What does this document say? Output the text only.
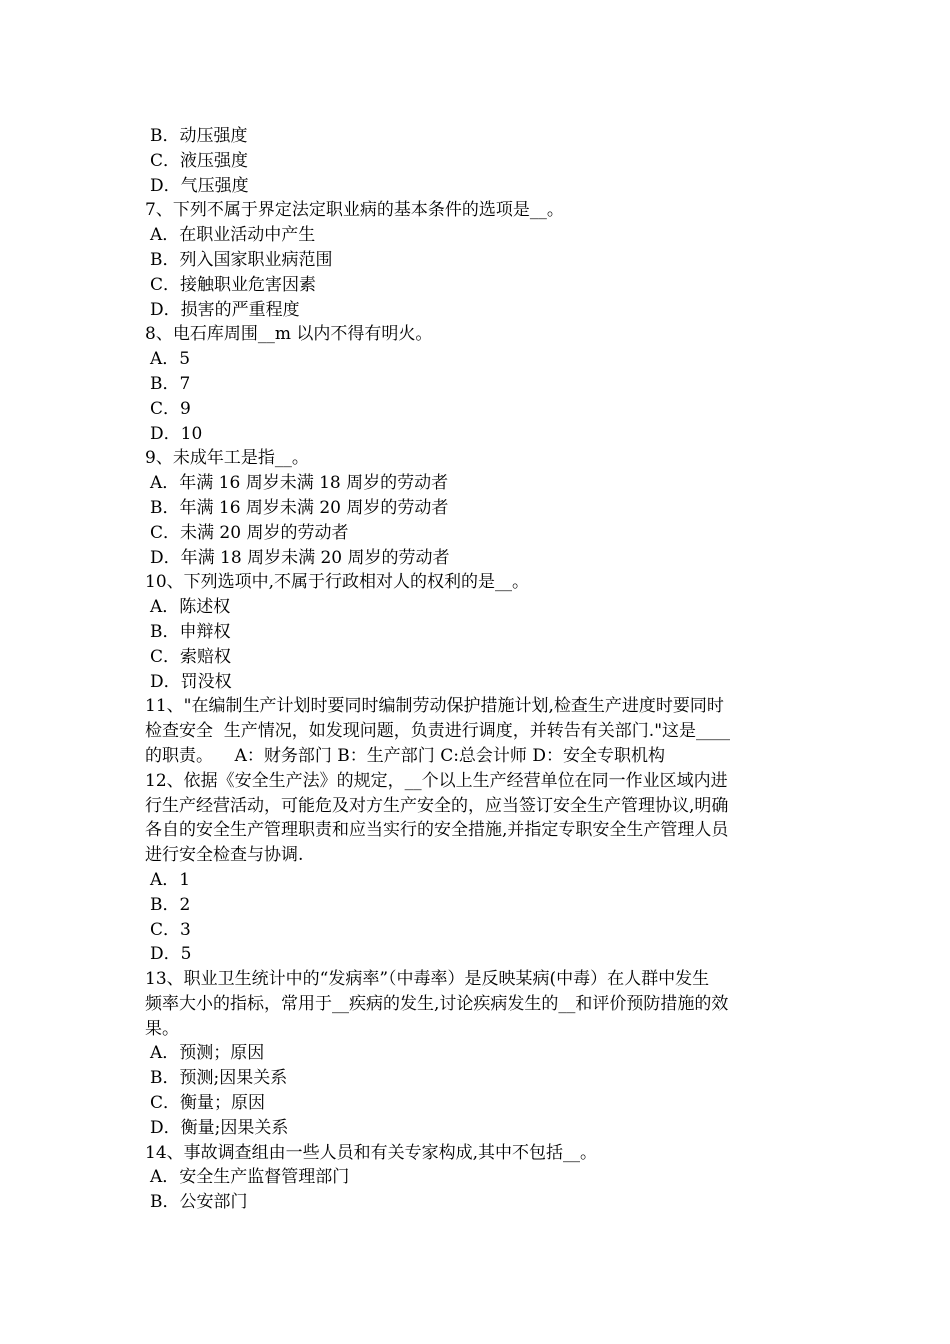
B．动压强度
C．液压强度
D．气压强度
7、下列不属于界定法定职业病的基本条件的选项是__。
A．在职业活动中产生
B．列入国家职业病范围
C．接触职业危害因素
D．损害的严重程度
8、电石库周围__m 以内不得有明火。
A．5
B．7
C．9
D．10
9、未成年工是指__。
A．年满 16 周岁未满 18 周岁的劳动者
B．年满 16 周岁未满 20 周岁的劳动者
C．未满 20 周岁的劳动者
D．年满 18 周岁未满 20 周岁的劳动者
10、下列选项中,不属于行政相对人的权利的是__。
A．陈述权
B．申辩权
C．索赔权
D．罚没权
11、"在编制生产计划时要同时编制劳动保护措施计划,检查生产进度时要同时
检查安全  生产情况，如发现问题，负责进行调度，并转告有关部门."这是____
的职责。    A：财务部门 B：生产部门 C:总会计师 D：安全专职机构
12、依据《安全生产法》的规定，__个以上生产经营单位在同一作业区域内进
行生产经营活动，可能危及对方生产安全的，应当签订安全生产管理协议,明确
各自的安全生产管理职责和应当实行的安全措施,并指定专职安全生产管理人员
进行安全检查与协调.
A．1
B．2
C．3
D．5
13、职业卫生统计中的“发病率”（中毒率）是反映某病(中毒）在人群中发生
频率大小的指标，常用于__疾病的发生,讨论疾病发生的__和评价预防措施的效
果。
A．预测；原因
B．预测;因果关系
C．衡量；原因
D．衡量;因果关系
14、事故调查组由一些人员和有关专家构成,其中不包括__。
A．安全生产监督管理部门
B．公安部门
